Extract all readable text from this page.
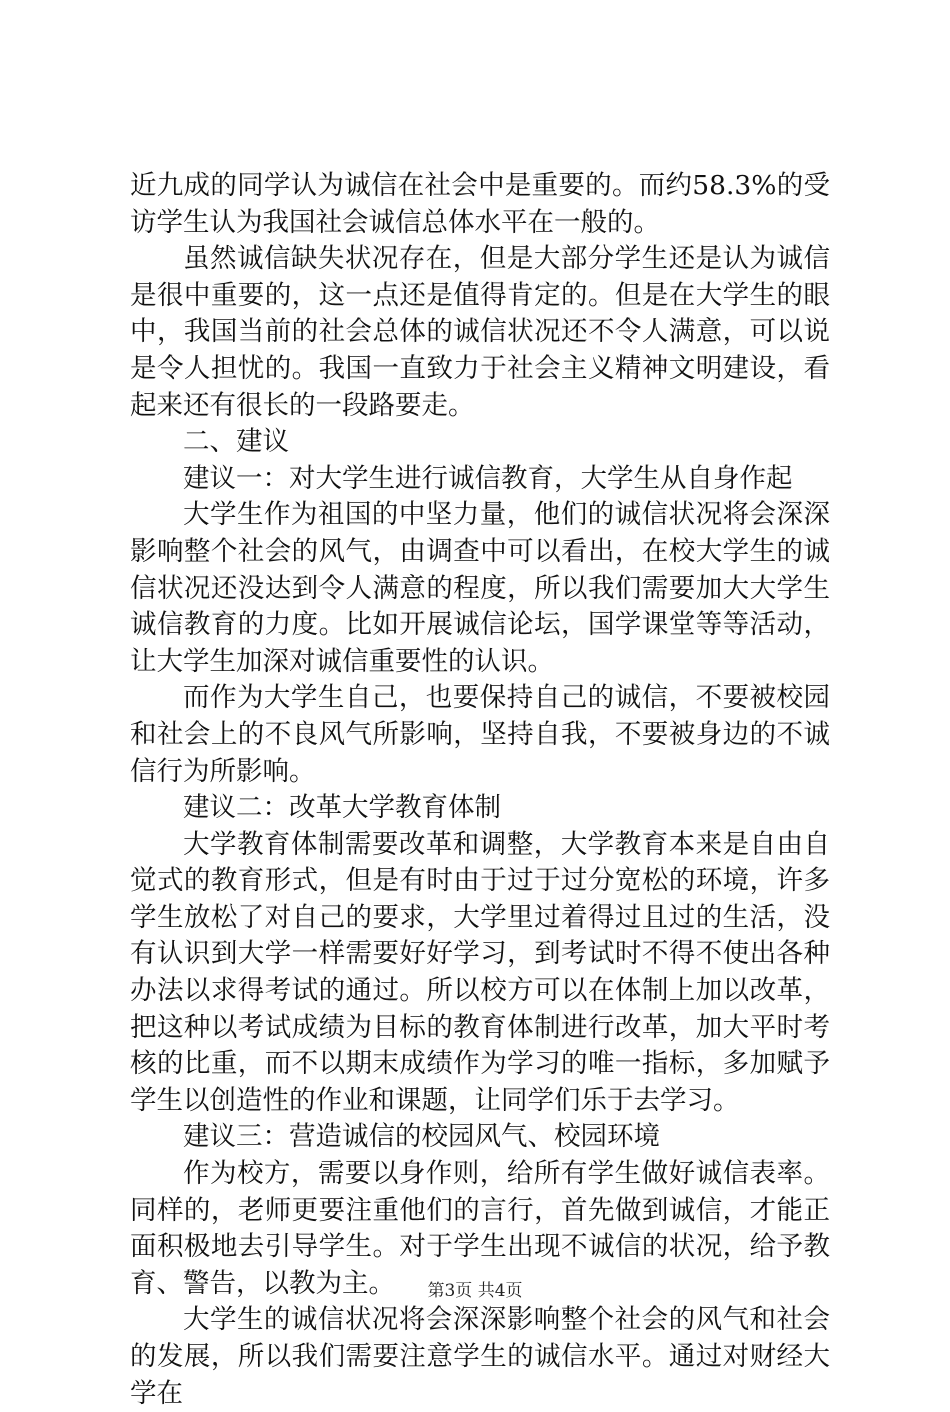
近九成的同学认为诚信在社会中是重要的。而约58.3%的受访学生认为我国社会诚信总体水平在一般的。

虽然诚信缺失状况存在，但是大部分学生还是认为诚信是很中重要的，这一点还是值得肯定的。但是在大学生的眼中，我国当前的社会总体的诚信状况还不令人满意，可以说是令人担忧的。我国一直致力于社会主义精神文明建设，看起来还有很长的一段路要走。

二、建议

建议一：对大学生进行诚信教育，大学生从自身作起

大学生作为祖国的中坚力量，他们的诚信状况将会深深影响整个社会的风气，由调查中可以看出，在校大学生的诚信状况还没达到令人满意的程度，所以我们需要加大大学生诚信教育的力度。比如开展诚信论坛，国学课堂等等活动，让大学生加深对诚信重要性的认识。

而作为大学生自己，也要保持自己的诚信，不要被校园和社会上的不良风气所影响，坚持自我，不要被身边的不诚信行为所影响。

建议二：改革大学教育体制

大学教育体制需要改革和调整，大学教育本来是自由自觉式的教育形式，但是有时由于过于过分宽松的环境，许多学生放松了对自己的要求，大学里过着得过且过的生活，没有认识到大学一样需要好好学习，到考试时不得不使出各种办法以求得考试的通过。所以校方可以在体制上加以改革，把这种以考试成绩为目标的教育体制进行改革，加大平时考核的比重，而不以期末成绩作为学习的唯一指标，多加赋予学生以创造性的作业和课题，让同学们乐于去学习。

建议三：营造诚信的校园风气、校园环境

作为校方，需要以身作则，给所有学生做好诚信表率。同样的，老师更要注重他们的言行，首先做到诚信，才能正面积极地去引导学生。对于学生出现不诚信的状况，给予教育、警告，以教为主。

大学生的诚信状况将会深深影响整个社会的风气和社会的发展，所以我们需要注意学生的诚信水平。通过对财经大学在

第3页 共4页
